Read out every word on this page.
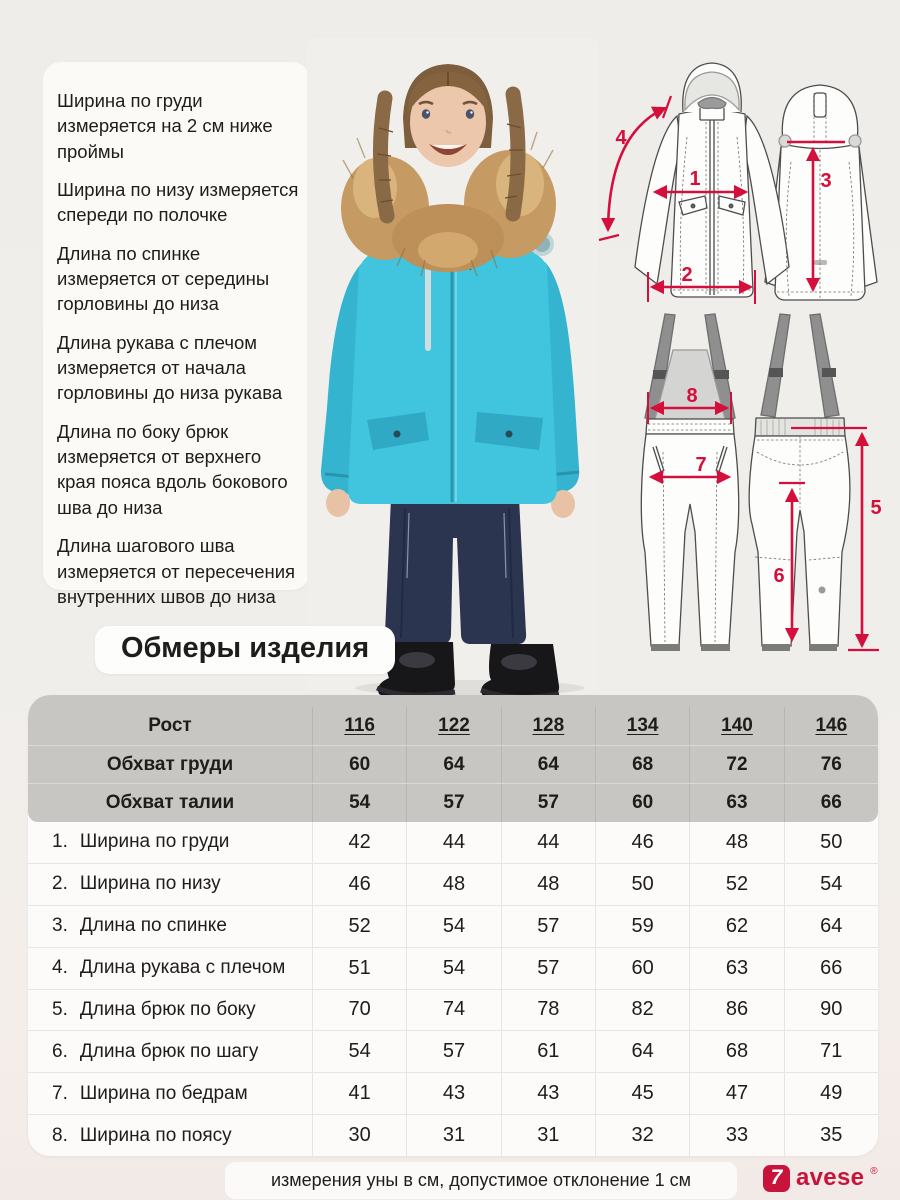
Ширина по груди измеряется на 2 см ниже проймы

Ширина по низу измеряется спереди по полочке

Длина по спинке измеряется от середины горловины до низа

Длина рукава с плечом измеряется от начала горловины до низа рукава

Длина по боку брюк измеряется от верхнего края пояса вдоль бокового шва до низа

Длина шагового шва измеряется от пересечения внутренних швов до низа

1
2
3
4
5
6
7
8
Обмеры изделия
Рост	116	122	128	134	140	146
Обхват груди	60	64	64	68	72	76
Обхват талии	54	57	57	60	63	66
1. Ширина по груди	42	44	44	46	48	50
2. Ширина по низу	46	48	48	50	52	54
3. Длина по спинке	52	54	57	59	62	64
4. Длина рукава с плечом	51	54	57	60	63	66
5. Длина брюк по боку	70	74	78	82	86	90
6. Длина брюк по шагу	54	57	61	64	68	71
7. Ширина по бедрам	41	43	43	45	47	49
8. Ширина по поясу	30	31	31	32	33	35
измерения уны в см, допустимое отклонение 1 см	7 avese ®
